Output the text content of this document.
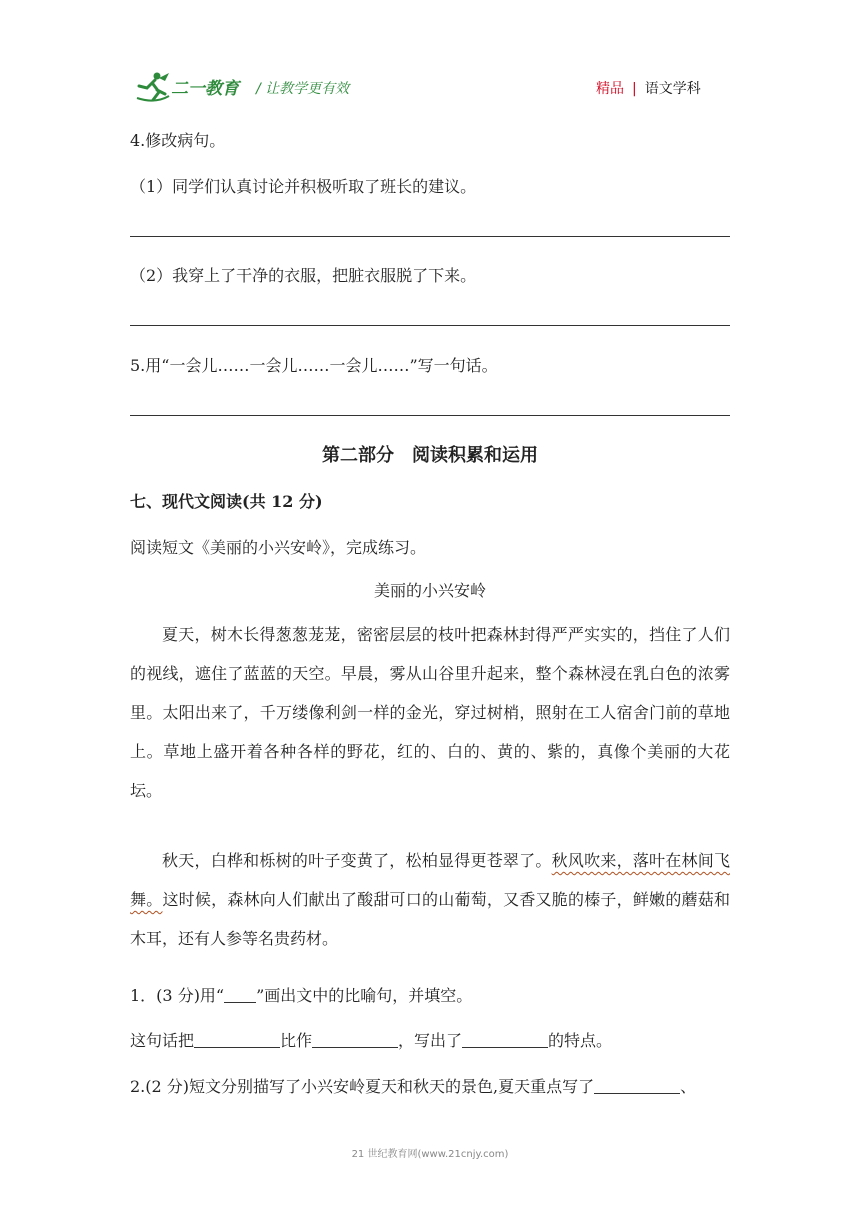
二一教育 / 让教学更有效	精品 | 语文学科
4.修改病句。
（1）同学们认真讨论并积极听取了班长的建议。
（2）我穿上了干净的衣服，把脏衣服脱了下来。
5.用“一会儿……一会儿……一会儿……”写一句话。
第二部分　阅读积累和运用
七、现代文阅读(共 12 分)
阅读短文《美丽的小兴安岭》，完成练习。
美丽的小兴安岭
夏天，树木长得葱葱茏茏，密密层层的枝叶把森林封得严严实实的，挡住了人们的视线，遮住了蓝蓝的天空。早晨，雾从山谷里升起来，整个森林浸在乳白色的浓雾里。太阳出来了，千万缕像利剑一样的金光，穿过树梢，照射在工人宿舍门前的草地上。草地上盛开着各种各样的野花，红的、白的、黄的、紫的，真像个美丽的大花坛。
秋天，白桦和栎树的叶子变黄了，松柏显得更苍翠了。秋风吹来，落叶在林间飞舞。这时候，森林向人们献出了酸甜可口的山葡萄，又香又脆的榛子，鲜嫩的蘑菇和木耳，还有人参等名贵药材。
1．(3 分)用“ ”画出文中的比喻句，并填空。
这句话把	比作	，写出了	的特点。
2.(2 分)短文分别描写了小兴安岭夏天和秋天的景色,夏天重点写了	、
21 世纪教育网(www.21cnjy.com)
